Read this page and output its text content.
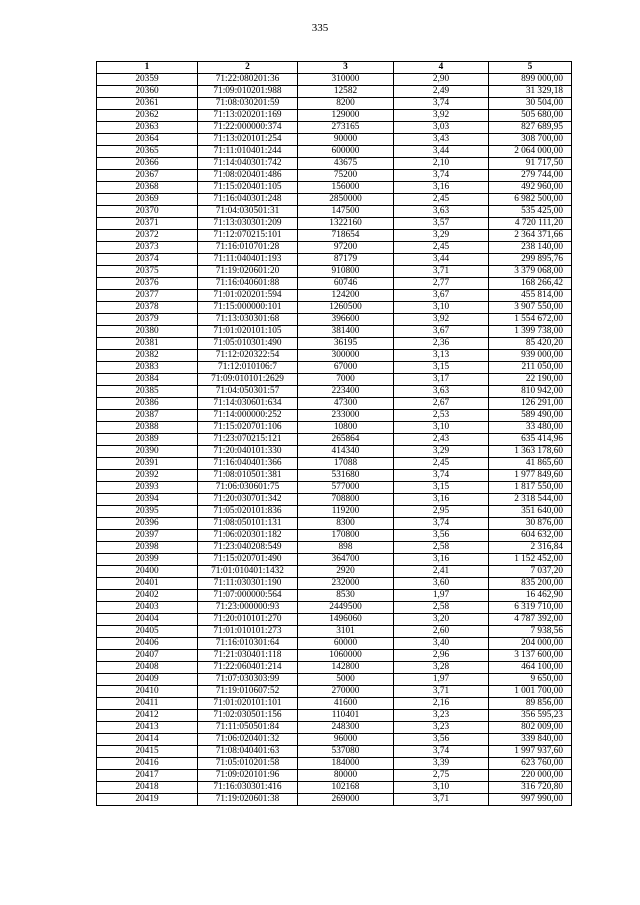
335
1	2	3	4	5
20359	71:22:080201:36	310000	2,90	899 000,00
20360	71:09:010201:988	12582	2,49	31 329,18
20361	71:08:030201:59	8200	3,74	30 504,00
20362	71:13:020201:169	129000	3,92	505 680,00
20363	71:22:000000:374	273165	3,03	827 689,95
20364	71:13:020101:254	90000	3,43	308 700,00
20365	71:11:010401:244	600000	3,44	2 064 000,00
20366	71:14:040301:742	43675	2,10	91 717,50
20367	71:08:020401:486	75200	3,74	279 744,00
20368	71:15:020401:105	156000	3,16	492 960,00
20369	71:16:040301:248	2850000	2,45	6 982 500,00
20370	71:04:030501:31	147500	3,63	535 425,00
20371	71:13:030301:209	1322160	3,57	4 720 111,20
20372	71:12:070215:101	718654	3,29	2 364 371,66
20373	71:16:010701:28	97200	2,45	238 140,00
20374	71:11:040401:193	87179	3,44	299 895,76
20375	71:19:020601:20	910800	3,71	3 379 068,00
20376	71:16:040601:88	60746	2,77	168 266,42
20377	71:01:020201:594	124200	3,67	455 814,00
20378	71:15:000000:101	1260500	3,10	3 907 550,00
20379	71:13:030301:68	396600	3,92	1 554 672,00
20380	71:01:020101:105	381400	3,67	1 399 738,00
20381	71:05:010301:490	36195	2,36	85 420,20
20382	71:12:020322:54	300000	3,13	939 000,00
20383	71:12:010106:7	67000	3,15	211 050,00
20384	71:09:010101:2629	7000	3,17	22 190,00
20385	71:04:050301:57	223400	3,63	810 942,00
20386	71:14:030601:634	47300	2,67	126 291,00
20387	71:14:000000:252	233000	2,53	589 490,00
20388	71:15:020701:106	10800	3,10	33 480,00
20389	71:23:070215:121	265864	2,43	635 414,96
20390	71:20:040101:330	414340	3,29	1 363 178,60
20391	71:16:040401:366	17088	2,45	41 865,60
20392	71:08:010501:381	531680	3,74	1 977 849,60
20393	71:06:030601:75	577000	3,15	1 817 550,00
20394	71:20:030701:342	708800	3,16	2 318 544,00
20395	71:05:020101:836	119200	2,95	351 640,00
20396	71:08:050101:131	8300	3,74	30 876,00
20397	71:06:020301:182	170800	3,56	604 632,00
20398	71:23:040208:549	898	2,58	2 316,84
20399	71:15:020701:490	364700	3,16	1 152 452,00
20400	71:01:010401:1432	2920	2,41	7 037,20
20401	71:11:030301:190	232000	3,60	835 200,00
20402	71:07:000000:564	8530	1,97	16 462,90
20403	71:23:000000:93	2449500	2,58	6 319 710,00
20404	71:20:010101:270	1496060	3,20	4 787 392,00
20405	71:01:010101:273	3101	2,60	7 938,56
20406	71:16:010301:64	60000	3,40	204 000,00
20407	71:21:030401:118	1060000	2,96	3 137 600,00
20408	71:22:060401:214	142800	3,28	464 100,00
20409	71:07:030303:99	5000	1,97	9 650,00
20410	71:19:010607:52	270000	3,71	1 001 700,00
20411	71:01:020101:101	41600	2,16	89 856,00
20412	71:02:030501:156	110401	3,23	356 595,23
20413	71:11:050501:84	248300	3,23	802 009,00
20414	71:06:020401:32	96000	3,56	339 840,00
20415	71:08:040401:63	537080	3,74	1 997 937,60
20416	71:05:010201:58	184000	3,39	623 760,00
20417	71:09:020101:96	80000	2,75	220 000,00
20418	71:16:030301:416	102168	3,10	316 720,80
20419	71:19:020601:38	269000	3,71	997 990,00
